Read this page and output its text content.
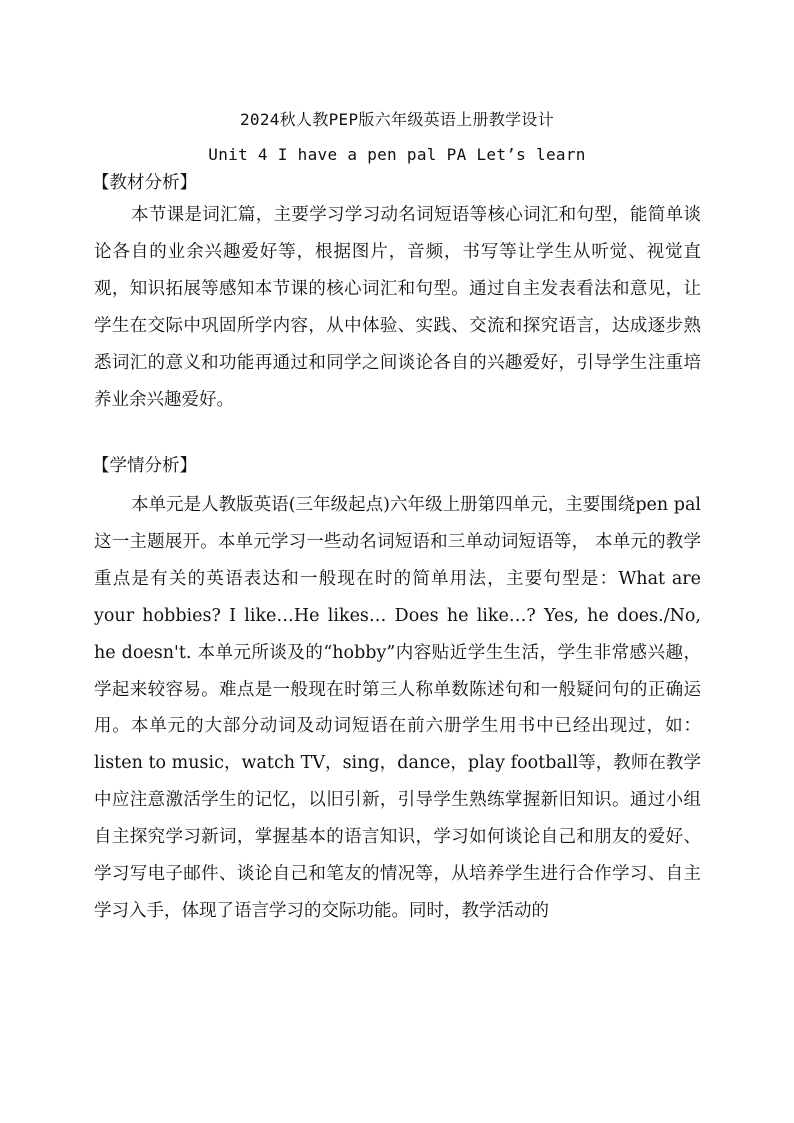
2024秋人教PEP版六年级英语上册教学设计
Unit 4 I have a pen pal PA Let’s learn
【教材分析】

本节课是词汇篇，主要学习学习动名词短语等核心词汇和句型，能简单谈论各自的业余兴趣爱好等，根据图片，音频，书写等让学生从听觉、视觉直观，知识拓展等感知本节课的核心词汇和句型。通过自主发表看法和意见，让学生在交际中巩固所学内容，从中体验、实践、交流和探究语言，达成逐步熟悉词汇的意义和功能再通过和同学之间谈论各自的兴趣爱好，引导学生注重培养业余兴趣爱好。

【学情分析】

本单元是人教版英语(三年级起点)六年级上册第四单元，主要围绕pen pal这一主题展开。本单元学习一些动名词短语和三单动词短语等， 本单元的教学重点是有关的英语表达和一般现在时的简单用法，主要句型是：What are your hobbies? I like…He likes… Does he like…? Yes, he does./No, he doesn't. 本单元所谈及的“hobby”内容贴近学生生活，学生非常感兴趣，学起来较容易。难点是一般现在时第三人称单数陈述句和一般疑问句的正确运用。本单元的大部分动词及动词短语在前六册学生用书中已经出现过，如：listen to music，watch TV，sing，dance，play football等，教师在教学中应注意激活学生的记忆，以旧引新，引导学生熟练掌握新旧知识。通过小组自主探究学习新词，掌握基本的语言知识，学习如何谈论自己和朋友的爱好、学习写电子邮件、谈论自己和笔友的情况等，从培养学生进行合作学习、自主学习入手，体现了语言学习的交际功能。同时，教学活动的
